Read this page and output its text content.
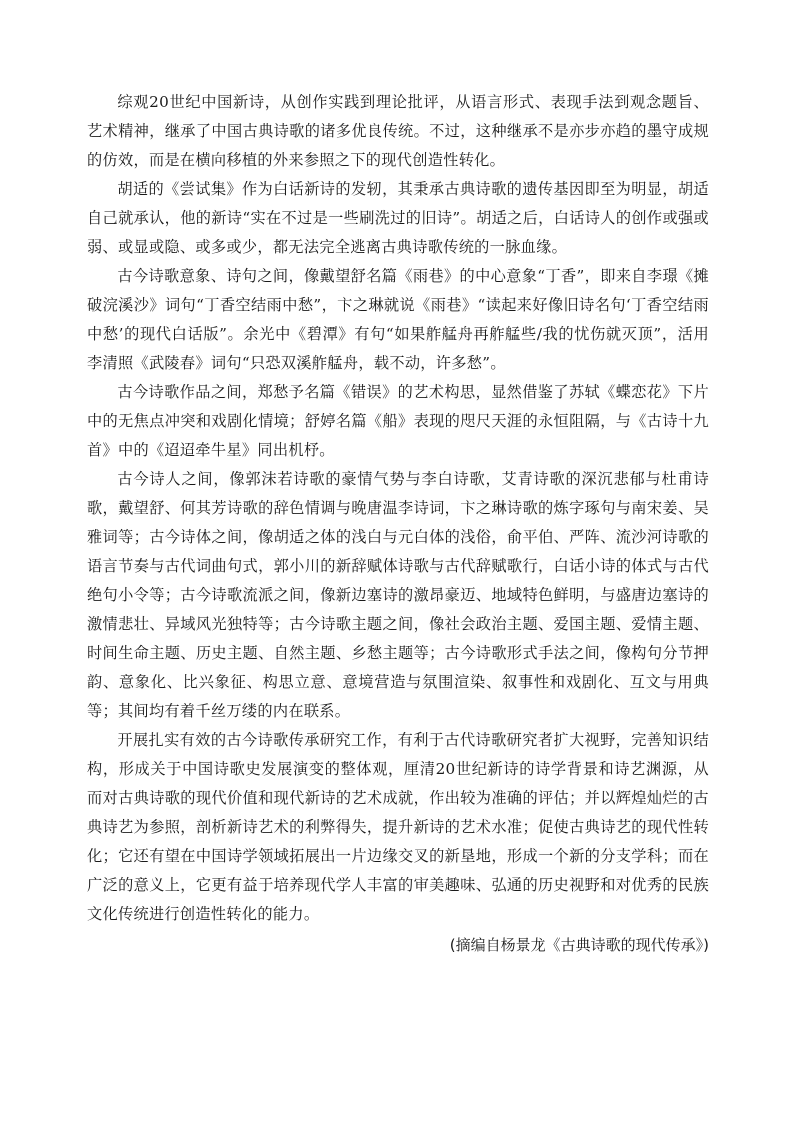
综观20世纪中国新诗，从创作实践到理论批评，从语言形式、表现手法到观念题旨、艺术精神，继承了中国古典诗歌的诸多优良传统。不过，这种继承不是亦步亦趋的墨守成规的仿效，而是在横向移植的外来参照之下的现代创造性转化。

胡适的《尝试集》作为白话新诗的发轫，其秉承古典诗歌的遗传基因即至为明显，胡适自己就承认，他的新诗“实在不过是一些刷洗过的旧诗”。胡适之后，白话诗人的创作或强或弱、或显或隐、或多或少，都无法完全逃离古典诗歌传统的一脉血缘。

古今诗歌意象、诗句之间，像戴望舒名篇《雨巷》的中心意象“丁香”，即来自李璟《摊破浣溪沙》词句“丁香空结雨中愁”，卞之琳就说《雨巷》“读起来好像旧诗名句‘丁香空结雨中愁’的现代白话版”。余光中《碧潭》有句“如果舴艋舟再舴艋些/我的忧伤就灭顶”，活用李清照《武陵春》词句“只恐双溪舴艋舟，载不动，许多愁”。

古今诗歌作品之间，郑愁予名篇《错误》的艺术构思，显然借鉴了苏轼《蝶恋花》下片中的无焦点冲突和戏剧化情境；舒婷名篇《船》表现的咫尺天涯的永恒阻隔，与《古诗十九首》中的《迢迢牵牛星》同出机杼。

古今诗人之间，像郭沫若诗歌的豪情气势与李白诗歌，艾青诗歌的深沉悲郁与杜甫诗歌，戴望舒、何其芳诗歌的辞色情调与晚唐温李诗词，卞之琳诗歌的炼字琢句与南宋姜、吴雅词等；古今诗体之间，像胡适之体的浅白与元白体的浅俗，俞平伯、严阵、流沙河诗歌的语言节奏与古代词曲句式，郭小川的新辞赋体诗歌与古代辞赋歌行，白话小诗的体式与古代绝句小令等；古今诗歌流派之间，像新边塞诗的激昂豪迈、地域特色鲜明，与盛唐边塞诗的激情悲壮、异域风光独特等；古今诗歌主题之间，像社会政治主题、爱国主题、爱情主题、时间生命主题、历史主题、自然主题、乡愁主题等；古今诗歌形式手法之间，像构句分节押韵、意象化、比兴象征、构思立意、意境营造与氛围渲染、叙事性和戏剧化、互文与用典等；其间均有着千丝万缕的内在联系。

开展扎实有效的古今诗歌传承研究工作，有利于古代诗歌研究者扩大视野，完善知识结构，形成关于中国诗歌史发展演变的整体观，厘清20世纪新诗的诗学背景和诗艺渊源，从而对古典诗歌的现代价值和现代新诗的艺术成就，作出较为准确的评估；并以辉煌灿烂的古典诗艺为参照，剖析新诗艺术的利弊得失，提升新诗的艺术水准；促使古典诗艺的现代性转化；它还有望在中国诗学领域拓展出一片边缘交叉的新垦地，形成一个新的分支学科；而在广泛的意义上，它更有益于培养现代学人丰富的审美趣味、弘通的历史视野和对优秀的民族文化传统进行创造性转化的能力。

(摘编自杨景龙《古典诗歌的现代传承》)
